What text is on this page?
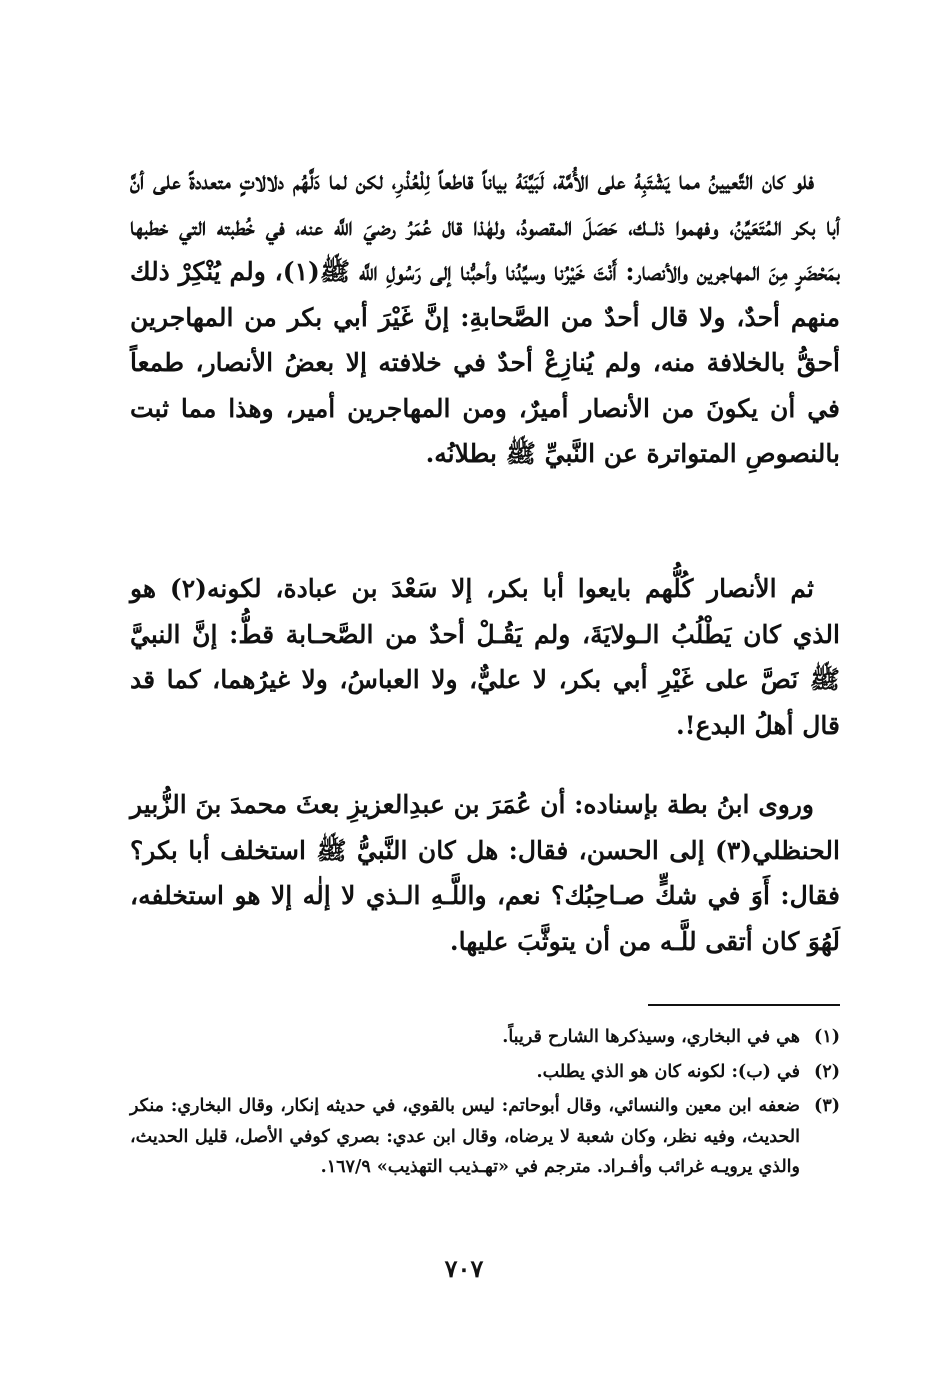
فلو كان التَّعيينُ مما يَشْتَبِهُ على الأُمَّة، لَبَيَّنَهُ بياناً قاطعاً لِلْعُذْرِ، لكن لما دَلَّهُم دلالاتٍ متعددةً على أنَّ أبا بكر المُتَعَيِّنُ، وفهموا ذلــك، حَصَلَ المقصودُ، ولهٰذا قال عُمَرُ رضيَ اللَّه عنه، في خُطبته التي خطبها بمَحْضَرٍ مِنَ المهاجرين والأنصار: أَنْتَ خَيْرُنا وسيِّدُنا وأحبُّنا إلى رَسُولِ اللَّه ﷺ(١)، ولم يُنْكِرْ ذلك منهم أحدٌ، ولا قال أحدٌ من الصَّحابةِ: إنَّ غَيْرَ أبي بكر من المهاجرين أحقُّ بالخلافة منه، ولم يُنازِعْ أحدٌ في خلافته إلا بعضُ الأنصار، طمعاً في أن يكونَ من الأنصار أميرٌ، ومن المهاجرين أمير، وهذا مما ثبت بالنصوصِ المتواترة عن النَّبيِّ ﷺ بطلانُه.

ثم الأنصار كُلُّهم بايعوا أبا بكر، إلا سَعْدَ بن عبادة، لكونه(٢) هو الذي كان يَطْلُبُ الـولايَةَ، ولم يَقُـلْ أحدٌ من الصَّحـابة قطُّ: إنَّ النبيَّ ﷺ نَصَّ على غَيْرِ أبي بكر، لا عليٌّ، ولا العباسُ، ولا غيرُهما، كما قد قال أهلُ البدع!.

وروى ابنُ بطة بإسناده: أن عُمَرَ بن عبدِالعزيزِ بعثَ محمدَ بنَ الزُّبير الحنظلي(٣) إلى الحسن، فقال: هل كان النَّبيُّ ﷺ استخلف أبا بكر؟ فقال: أَوَ في شكٍّ صـاحِبُك؟ نعم، واللَّـهِ الـذي لا إلٰه إلا هو استخلفه، لَهُوَ كان أتقى للَّـه من أن يتوثَّبَ عليها.

(١)
هي في البخاري، وسيذكرها الشارح قريباً.
(٢)
في (ب): لكونه كان هو الذي يطلب.
(٣)
ضعفه ابن معين والنسائي، وقال أبوحاتم: ليس بالقوي، في حديثه إنكار، وقال البخاري: منكر الحديث، وفيه نظر، وكان شعبة لا يرضاه، وقال ابن عدي: بصري كوفي الأصل، قليل الحديث، والذي يرويـه غرائب وأفـراد. مترجم في «تهـذيب التهذيب» ١٦٧/٩.
٧٠٧
